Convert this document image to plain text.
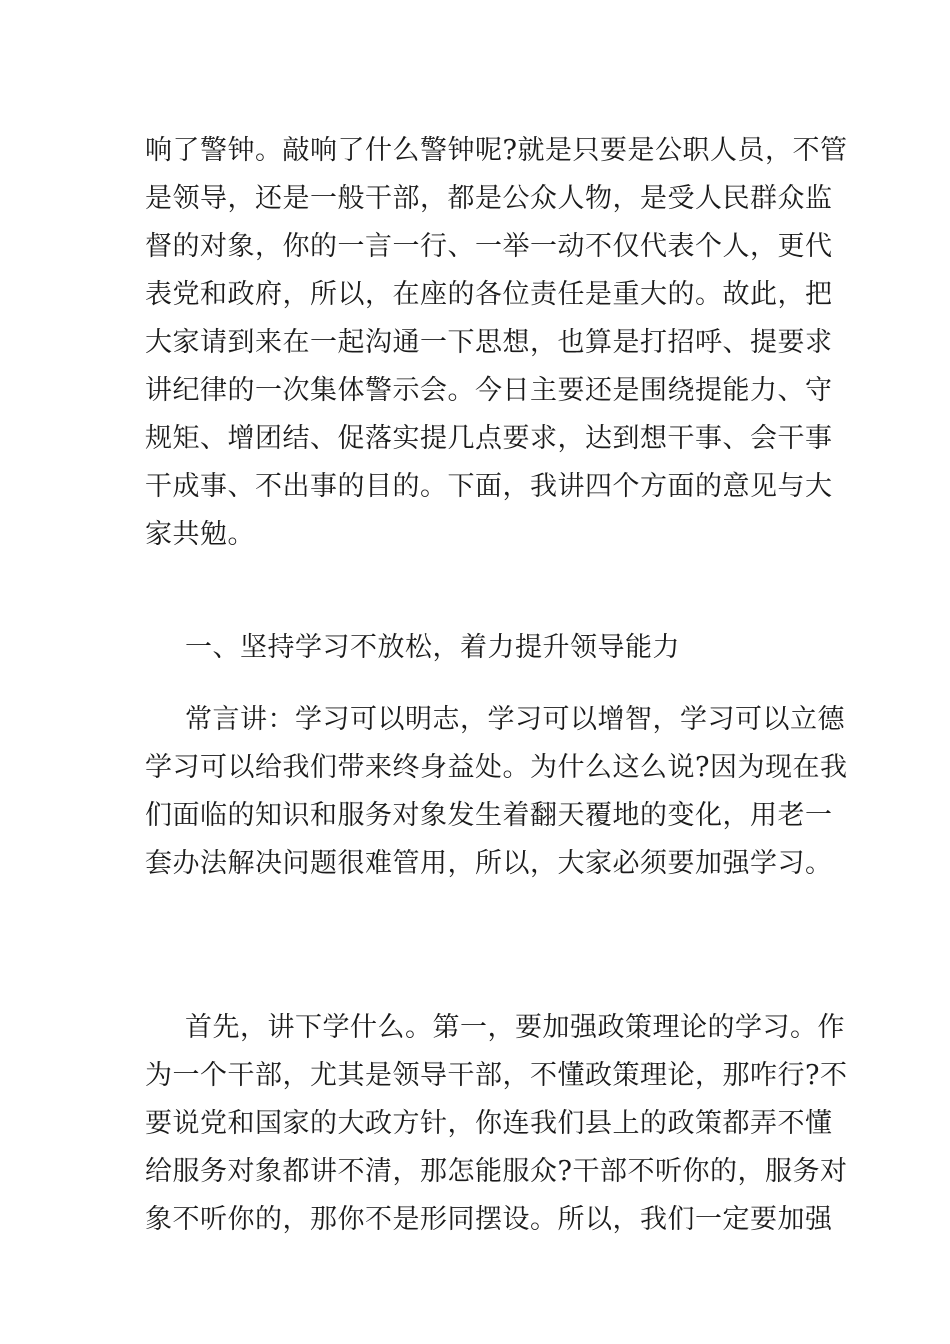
响了警钟。敲响了什么警钟呢?就是只要是公职人员，不管
是领导，还是一般干部，都是公众人物，是受人民群众监
督的对象，你的一言一行、一举一动不仅代表个人，更代
表党和政府，所以，在座的各位责任是重大的。故此，把
大家请到来在一起沟通一下思想，也算是打招呼、提要求
讲纪律的一次集体警示会。今日主要还是围绕提能力、守
规矩、增团结、促落实提几点要求，达到想干事、会干事
干成事、不出事的目的。下面，我讲四个方面的意见与大
家共勉。
一、坚持学习不放松，着力提升领导能力
常言讲：学习可以明志，学习可以增智，学习可以立德
学习可以给我们带来终身益处。为什么这么说?因为现在我
们面临的知识和服务对象发生着翻天覆地的变化，用老一
套办法解决问题很难管用，所以，大家必须要加强学习。
首先，讲下学什么。第一，要加强政策理论的学习。作
为一个干部，尤其是领导干部，不懂政策理论，那咋行?不
要说党和国家的大政方针，你连我们县上的政策都弄不懂
给服务对象都讲不清，那怎能服众?干部不听你的，服务对
象不听你的，那你不是形同摆设。所以，我们一定要加强
